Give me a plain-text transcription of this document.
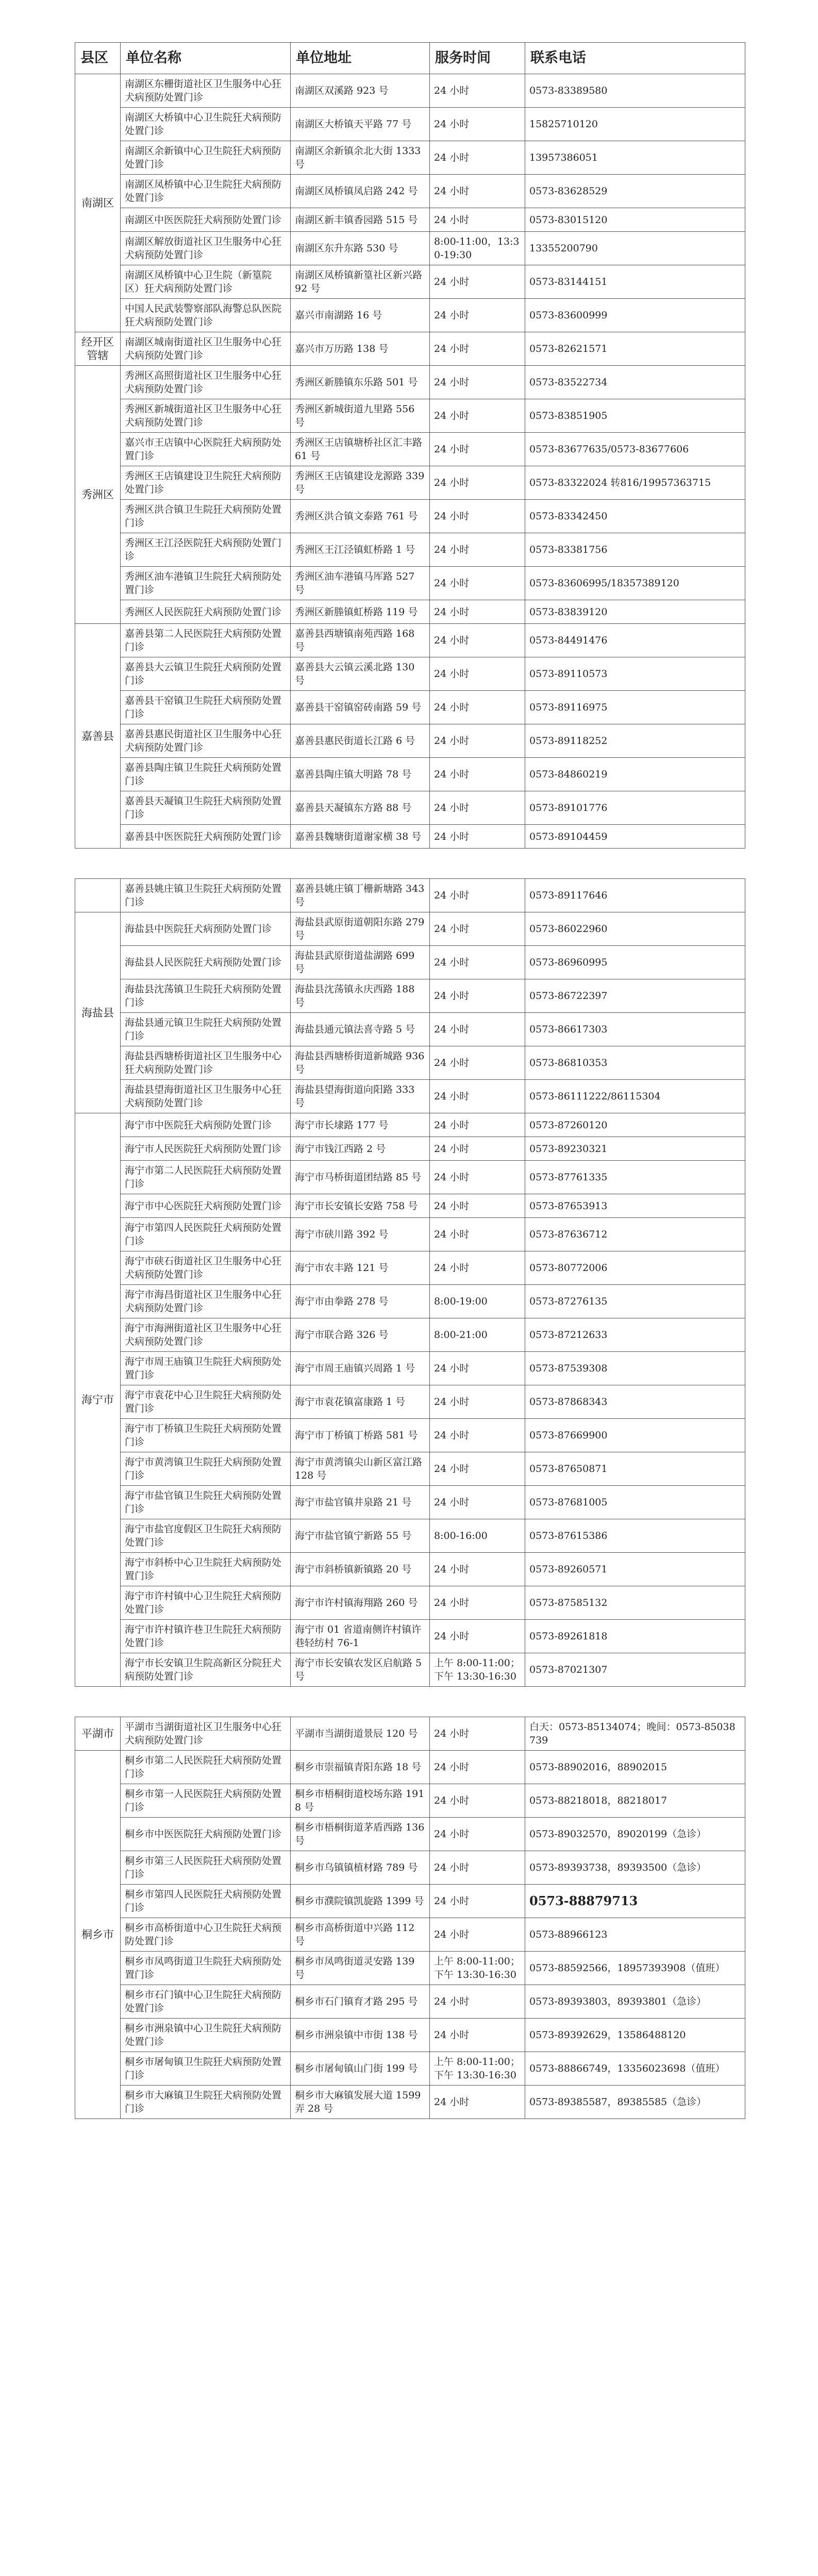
县区	单位名称	单位地址	服务时间	联系电话
南湖区	南湖区东栅街道社区卫生服务中心狂犬病预防处置门诊	南湖区双溪路 923 号	24 小时	0573-83389580
	南湖区大桥镇中心卫生院狂犬病预防处置门诊	南湖区大桥镇天平路 77 号	24 小时	15825710120
	南湖区余新镇中心卫生院狂犬病预防处置门诊	南湖区余新镇余北大街 1333 号	24 小时	13957386051
	南湖区凤桥镇中心卫生院狂犬病预防处置门诊	南湖区凤桥镇凤启路 242 号	24 小时	0573-83628529
	南湖区中医医院狂犬病预防处置门诊	南湖区新丰镇香园路 515 号	24 小时	0573-83015120
	南湖区解放街道社区卫生服务中心狂犬病预防处置门诊	南湖区东升东路 530 号	8:00-11:00，13:30-19:30	13355200790
	南湖区凤桥镇中心卫生院（新篁院区）狂犬病预防处置门诊	南湖区凤桥镇新篁社区新兴路 92 号	24 小时	0573-83144151
	中国人民武装警察部队海警总队医院狂犬病预防处置门诊	嘉兴市南湖路 16 号	24 小时	0573-83600999
经开区管辖	南湖区城南街道社区卫生服务中心狂犬病预防处置门诊	嘉兴市万历路 138 号	24 小时	0573-82621571
秀洲区	秀洲区高照街道社区卫生服务中心狂犬病预防处置门诊	秀洲区新塍镇东乐路 501 号	24 小时	0573-83522734
	秀洲区新城街道社区卫生服务中心狂犬病预防处置门诊	秀洲区新城街道九里路 556 号	24 小时	0573-83851905
	嘉兴市王店镇中心医院狂犬病预防处置门诊	秀洲区王店镇塘桥社区汇丰路 61 号	24 小时	0573-83677635/0573-83677606
	秀洲区王店镇建设卫生院狂犬病预防处置门诊	秀洲区王店镇建设龙源路 339 号	24 小时	0573-83322024 转816/19957363715
	秀洲区洪合镇卫生院狂犬病预防处置门诊	秀洲区洪合镇文泰路 761 号	24 小时	0573-83342450
	秀洲区王江泾医院狂犬病预防处置门诊	秀洲区王江泾镇虹桥路 1 号	24 小时	0573-83381756
	秀洲区油车港镇卫生院狂犬病预防处置门诊	秀洲区油车港镇马厍路 527 号	24 小时	0573-83606995/18357389120
	秀洲区人民医院狂犬病预防处置门诊	秀洲区新塍镇虹桥路 119 号	24 小时	0573-83839120
嘉善县	嘉善县第二人民医院狂犬病预防处置门诊	嘉善县西塘镇南苑西路 168 号	24 小时	0573-84491476
	嘉善县大云镇卫生院狂犬病预防处置门诊	嘉善县大云镇云溪北路 130 号	24 小时	0573-89110573
	嘉善县干窑镇卫生院狂犬病预防处置门诊	嘉善县干窑镇窑砖南路 59 号	24 小时	0573-89116975
	嘉善县惠民街道社区卫生服务中心狂犬病预防处置门诊	嘉善县惠民街道长江路 6 号	24 小时	0573-89118252
	嘉善县陶庄镇卫生院狂犬病预防处置门诊	嘉善县陶庄镇大明路 78 号	24 小时	0573-84860219
	嘉善县天凝镇卫生院狂犬病预防处置门诊	嘉善县天凝镇东方路 88 号	24 小时	0573-89101776
	嘉善县中医医院狂犬病预防处置门诊	嘉善县魏塘街道谢家横 38 号	24 小时	0573-89104459
	嘉善县姚庄镇卫生院狂犬病预防处置门诊	嘉善县姚庄镇丁栅新塘路 343 号	24 小时	0573-89117646
海盐县	海盐县中医院狂犬病预防处置门诊	海盐县武原街道朝阳东路 279 号	24 小时	0573-86022960
	海盐县人民医院狂犬病预防处置门诊	海盐县武原街道盐湖路 699 号	24 小时	0573-86960995
	海盐县沈荡镇卫生院狂犬病预防处置门诊	海盐县沈荡镇永庆西路 188 号	24 小时	0573-86722397
	海盐县通元镇卫生院狂犬病预防处置门诊	海盐县通元镇法喜寺路 5 号	24 小时	0573-86617303
	海盐县西塘桥街道社区卫生服务中心狂犬病预防处置门诊	海盐县西塘桥街道新城路 936 号	24 小时	0573-86810353
	海盐县望海街道社区卫生服务中心狂犬病预防处置门诊	海盐县望海街道向阳路 333 号	24 小时	0573-86111222/86115304
海宁市	海宁市中医院狂犬病预防处置门诊	海宁市长埭路 177 号	24 小时	0573-87260120
	海宁市人民医院狂犬病预防处置门诊	海宁市钱江西路 2 号	24 小时	0573-89230321
	海宁市第二人民医院狂犬病预防处置门诊	海宁市马桥街道团结路 85 号	24 小时	0573-87761335
	海宁市中心医院狂犬病预防处置门诊	海宁市长安镇长安路 758 号	24 小时	0573-87653913
	海宁市第四人民医院狂犬病预防处置门诊	海宁市硖川路 392 号	24 小时	0573-87636712
	海宁市硖石街道社区卫生服务中心狂犬病预防处置门诊	海宁市农丰路 121 号	24 小时	0573-80772006
	海宁市海昌街道社区卫生服务中心狂犬病预防处置门诊	海宁市由拳路 278 号	8:00-19:00	0573-87276135
	海宁市海洲街道社区卫生服务中心狂犬病预防处置门诊	海宁市联合路 326 号	8:00-21:00	0573-87212633
	海宁市周王庙镇卫生院狂犬病预防处置门诊	海宁市周王庙镇兴周路 1 号	24 小时	0573-87539308
	海宁市袁花中心卫生院狂犬病预防处置门诊	海宁市袁花镇富康路 1 号	24 小时	0573-87868343
	海宁市丁桥镇卫生院狂犬病预防处置门诊	海宁市丁桥镇丁桥路 581 号	24 小时	0573-87669900
	海宁市黄湾镇卫生院狂犬病预防处置门诊	海宁市黄湾镇尖山新区富江路 128 号	24 小时	0573-87650871
	海宁市盐官镇卫生院狂犬病预防处置门诊	海宁市盐官镇井泉路 21 号	24 小时	0573-87681005
	海宁市盐官度假区卫生院狂犬病预防处置门诊	海宁市盐官镇宁新路 55 号	8:00-16:00	0573-87615386
	海宁市斜桥中心卫生院狂犬病预防处置门诊	海宁市斜桥镇新镇路 20 号	24 小时	0573-89260571
	海宁市许村镇中心卫生院狂犬病预防处置门诊	海宁市许村镇海翔路 260 号	24 小时	0573-87585132
	海宁市许村镇许巷卫生院狂犬病预防处置门诊	海宁市 01 省道南侧许村镇许巷轻纺村 76-1	24 小时	0573-89261818
	海宁市长安镇卫生院高新区分院狂犬病预防处置门诊	海宁市长安镇农发区启航路 5 号	上午 8:00-11:00；下午 13:30-16:30	0573-87021307
平湖市	平湖市当湖街道社区卫生服务中心狂犬病预防处置门诊	平湖市当湖街道景辰 120 号	24 小时	白天：0573-85134074；晚间：0573-85038739
桐乡市	桐乡市第二人民医院狂犬病预防处置门诊	桐乡市崇福镇青阳东路 18 号	24 小时	0573-88902016，88902015
	桐乡市第一人民医院狂犬病预防处置门诊	桐乡市梧桐街道校场东路 1918 号	24 小时	0573-88218018，88218017
	桐乡市中医医院狂犬病预防处置门诊	桐乡市梧桐街道茅盾西路 136 号	24 小时	0573-89032570，89020199（急诊）
	桐乡市第三人民医院狂犬病预防处置门诊	桐乡市乌镇镇植材路 789 号	24 小时	0573-89393738，89393500（急诊）
	桐乡市第四人民医院狂犬病预防处置门诊	桐乡市濮院镇凯旋路 1399 号	24 小时	0573-88879713
	桐乡市高桥街道中心卫生院狂犬病预防处置门诊	桐乡市高桥街道中兴路 112 号	24 小时	0573-88966123
	桐乡市凤鸣街道卫生院狂犬病预防处置门诊	桐乡市凤鸣街道灵安路 139 号	上午 8:00-11:00；下午 13:30-16:30	0573-88592566，18957393908（值班）
	桐乡市石门镇中心卫生院狂犬病预防处置门诊	桐乡市石门镇育才路 295 号	24 小时	0573-89393803，89393801（急诊）
	桐乡市洲泉镇中心卫生院狂犬病预防处置门诊	桐乡市洲泉镇中市街 138 号	24 小时	0573-89392629，13586488120
	桐乡市屠甸镇卫生院狂犬病预防处置门诊	桐乡市屠甸镇山门街 199 号	上午 8:00-11:00；下午 13:30-16:30	0573-88866749，13356023698（值班）
	桐乡市大麻镇卫生院狂犬病预防处置门诊	桐乡市大麻镇发展大道 1599 弄 28 号	24 小时	0573-89385587，89385585（急诊）
